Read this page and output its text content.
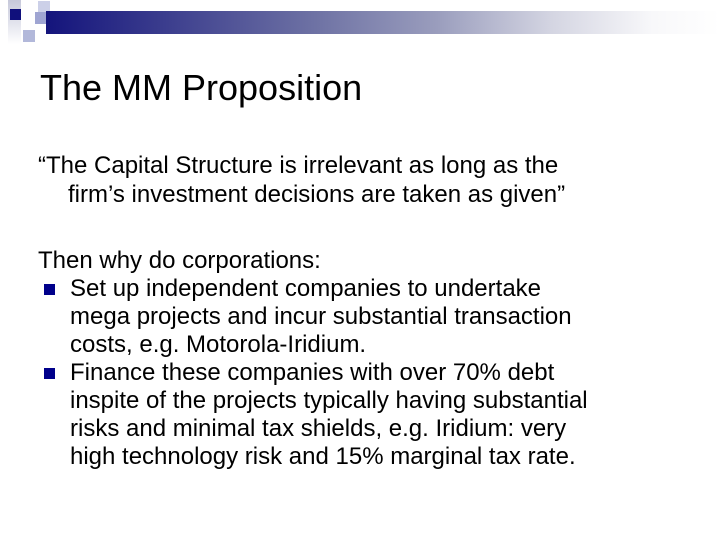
The MM Proposition
“The Capital Structure is irrelevant as long as the
firm’s investment decisions are taken as given”
Then why do corporations:
Set up independent companies to undertake
mega projects and incur substantial transaction
costs, e.g. Motorola-Iridium.
Finance these companies with over 70% debt
inspite of the projects typically having substantial
risks and minimal tax shields, e.g. Iridium: very
high technology risk and 15% marginal tax rate.
